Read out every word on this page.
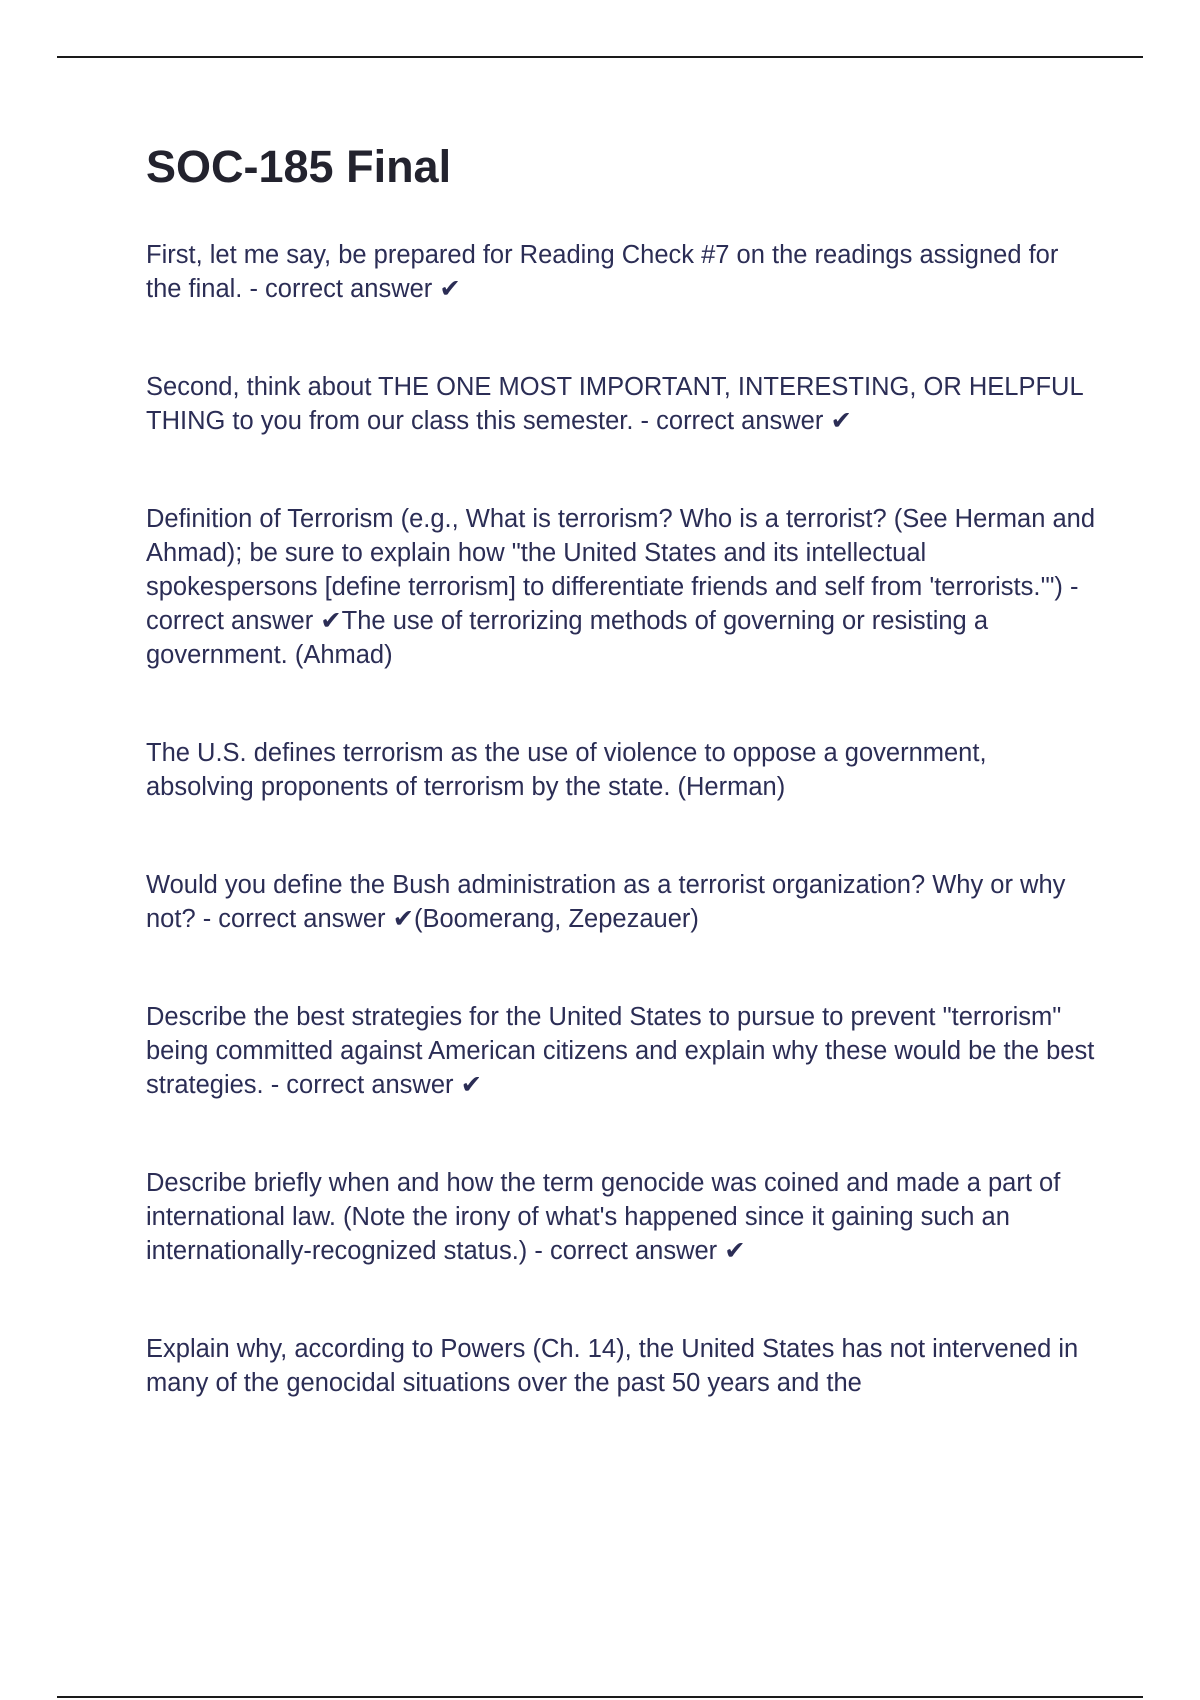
SOC-185 Final

First, let me say, be prepared for Reading Check #7 on the readings assigned for the final. - correct answer ✔

Second, think about THE ONE MOST IMPORTANT, INTERESTING, OR HELPFUL THING to you from our class this semester. - correct answer ✔

Definition of Terrorism (e.g., What is terrorism? Who is a terrorist? (See Herman and Ahmad); be sure to explain how "the United States and its intellectual spokespersons [define terrorism] to differentiate friends and self from 'terrorists.'") - correct answer ✔The use of terrorizing methods of governing or resisting a government. (Ahmad)

The U.S. defines terrorism as the use of violence to oppose a government, absolving proponents of terrorism by the state. (Herman)

Would you define the Bush administration as a terrorist organization? Why or why not? - correct answer ✔(Boomerang, Zepezauer)

Describe the best strategies for the United States to pursue to prevent "terrorism" being committed against American citizens and explain why these would be the best strategies. - correct answer ✔

Describe briefly when and how the term genocide was coined and made a part of international law. (Note the irony of what's happened since it gaining such an internationally-recognized status.) - correct answer ✔

Explain why, according to Powers (Ch. 14), the United States has not intervened in many of the genocidal situations over the past 50 years and the
